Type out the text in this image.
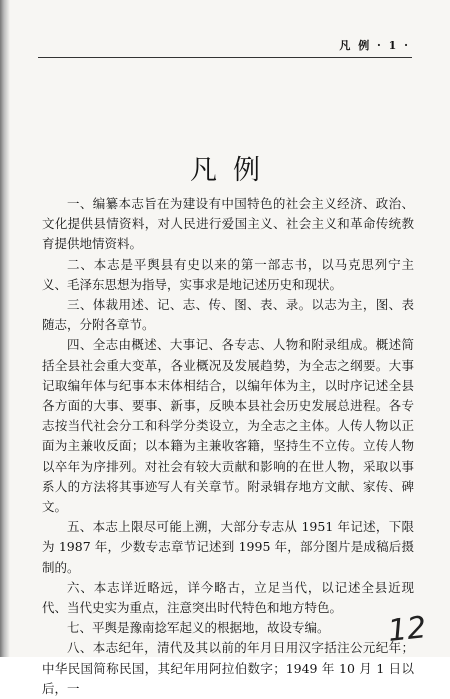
凡 例 · 1 ·
凡例

一、编纂本志旨在为建设有中国特色的社会主义经济、政治、文化提供县情资料，对人民进行爱国主义、社会主义和革命传统教育提供地情资料。

二、本志是平舆县有史以来的第一部志书，以马克思列宁主义、毛泽东思想为指导，实事求是地记述历史和现状。

三、体裁用述、记、志、传、图、表、录。以志为主，图、表随志，分附各章节。

四、全志由概述、大事记、各专志、人物和附录组成。概述简括全县社会重大变革，各业概况及发展趋势，为全志之纲要。大事记取编年体与纪事本末体相结合，以编年体为主，以时序记述全县各方面的大事、要事、新事，反映本县社会历史发展总进程。各专志按当代社会分工和科学分类设立，为全志之主体。人传人物以正面为主兼收反面；以本籍为主兼收客籍，坚持生不立传。立传人物以卒年为序排列。对社会有较大贡献和影响的在世人物，采取以事系人的方法将其事迹写人有关章节。附录辑存地方文献、家传、碑文。

五、本志上限尽可能上溯，大部分专志从 1951 年记述，下限为 1987 年，少数专志章节记述到 1995 年，部分图片是成稿后摄制的。

六、本志详近略远，详今略古，立足当代，以记述全县近现代、当代史实为重点，注意突出时代特色和地方特色。

七、平舆是豫南捻军起义的根据地，故设专编。

八、本志纪年，清代及其以前的年月日用汉字括注公元纪年；中华民国简称民国，其纪年用阿拉伯数字；1949 年 10 月 1 日以后，一

12
